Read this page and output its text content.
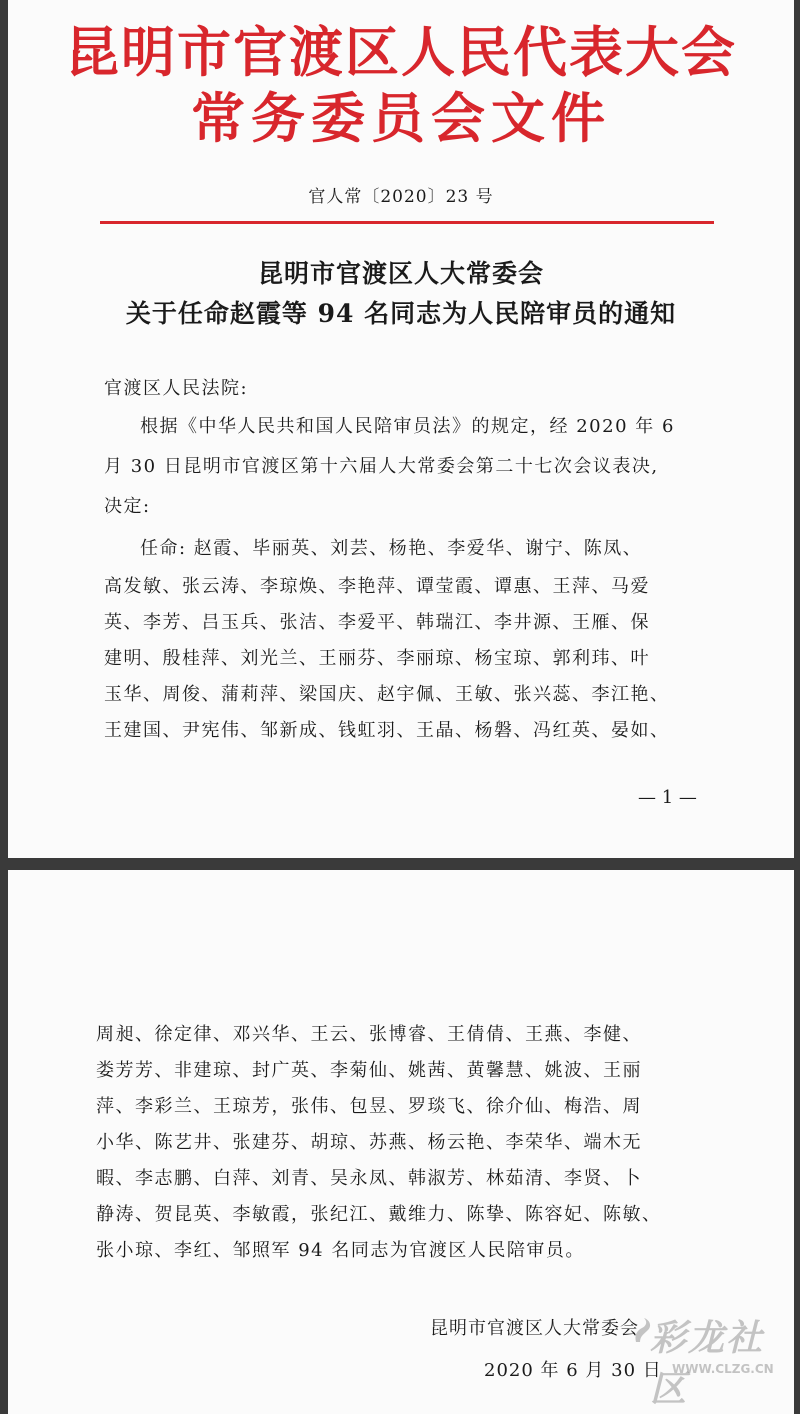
昆明市官渡区人民代表大会
常务委员会文件
官人常〔2020〕23 号
昆明市官渡区人大常委会
关于任命赵霞等 94 名同志为人民陪审员的通知
官渡区人民法院:
根据《中华人民共和国人民陪审员法》的规定，经 2020 年 6
月 30 日昆明市官渡区第十六届人大常委会第二十七次会议表决,
决定:
任命: 赵霞、毕丽英、刘芸、杨艳、李爱华、谢宁、陈凤、
高发敏、张云涛、李琼焕、李艳萍、谭莹霞、谭惠、王萍、马爱
英、李芳、吕玉兵、张洁、李爱平、韩瑞江、李井源、王雁、保
建明、殷桂萍、刘光兰、王丽芬、李丽琼、杨宝琼、郭利玮、叶
玉华、周俊、蒲莉萍、梁国庆、赵宇佩、王敏、张兴蕊、李江艳、
王建国、尹宪伟、邹新成、钱虹羽、王晶、杨磐、冯红英、晏如、
— 1 —
周昶、徐定律、邓兴华、王云、张博睿、王倩倩、王燕、李健、
娄芳芳、非建琼、封广英、李菊仙、姚茜、黄馨慧、姚波、王丽
萍、李彩兰、王琼芳，张伟、包昱、罗琰飞、徐介仙、梅浩、周
小华、陈艺井、张建芬、胡琼、苏燕、杨云艳、李荣华、端木无
暇、李志鹏、白萍、刘青、吴永凤、韩淑芳、林茹清、李贤、卜
静涛、贺昆英、李敏霞，张纪江、戴维力、陈挚、陈容妃、陈敏、
张小琼、李红、邹照军 94 名同志为官渡区人民陪审员。
昆明市官渡区人大常委会
2020 年 6 月 30 日
彩龙社区
WWW.CLZG.CN
